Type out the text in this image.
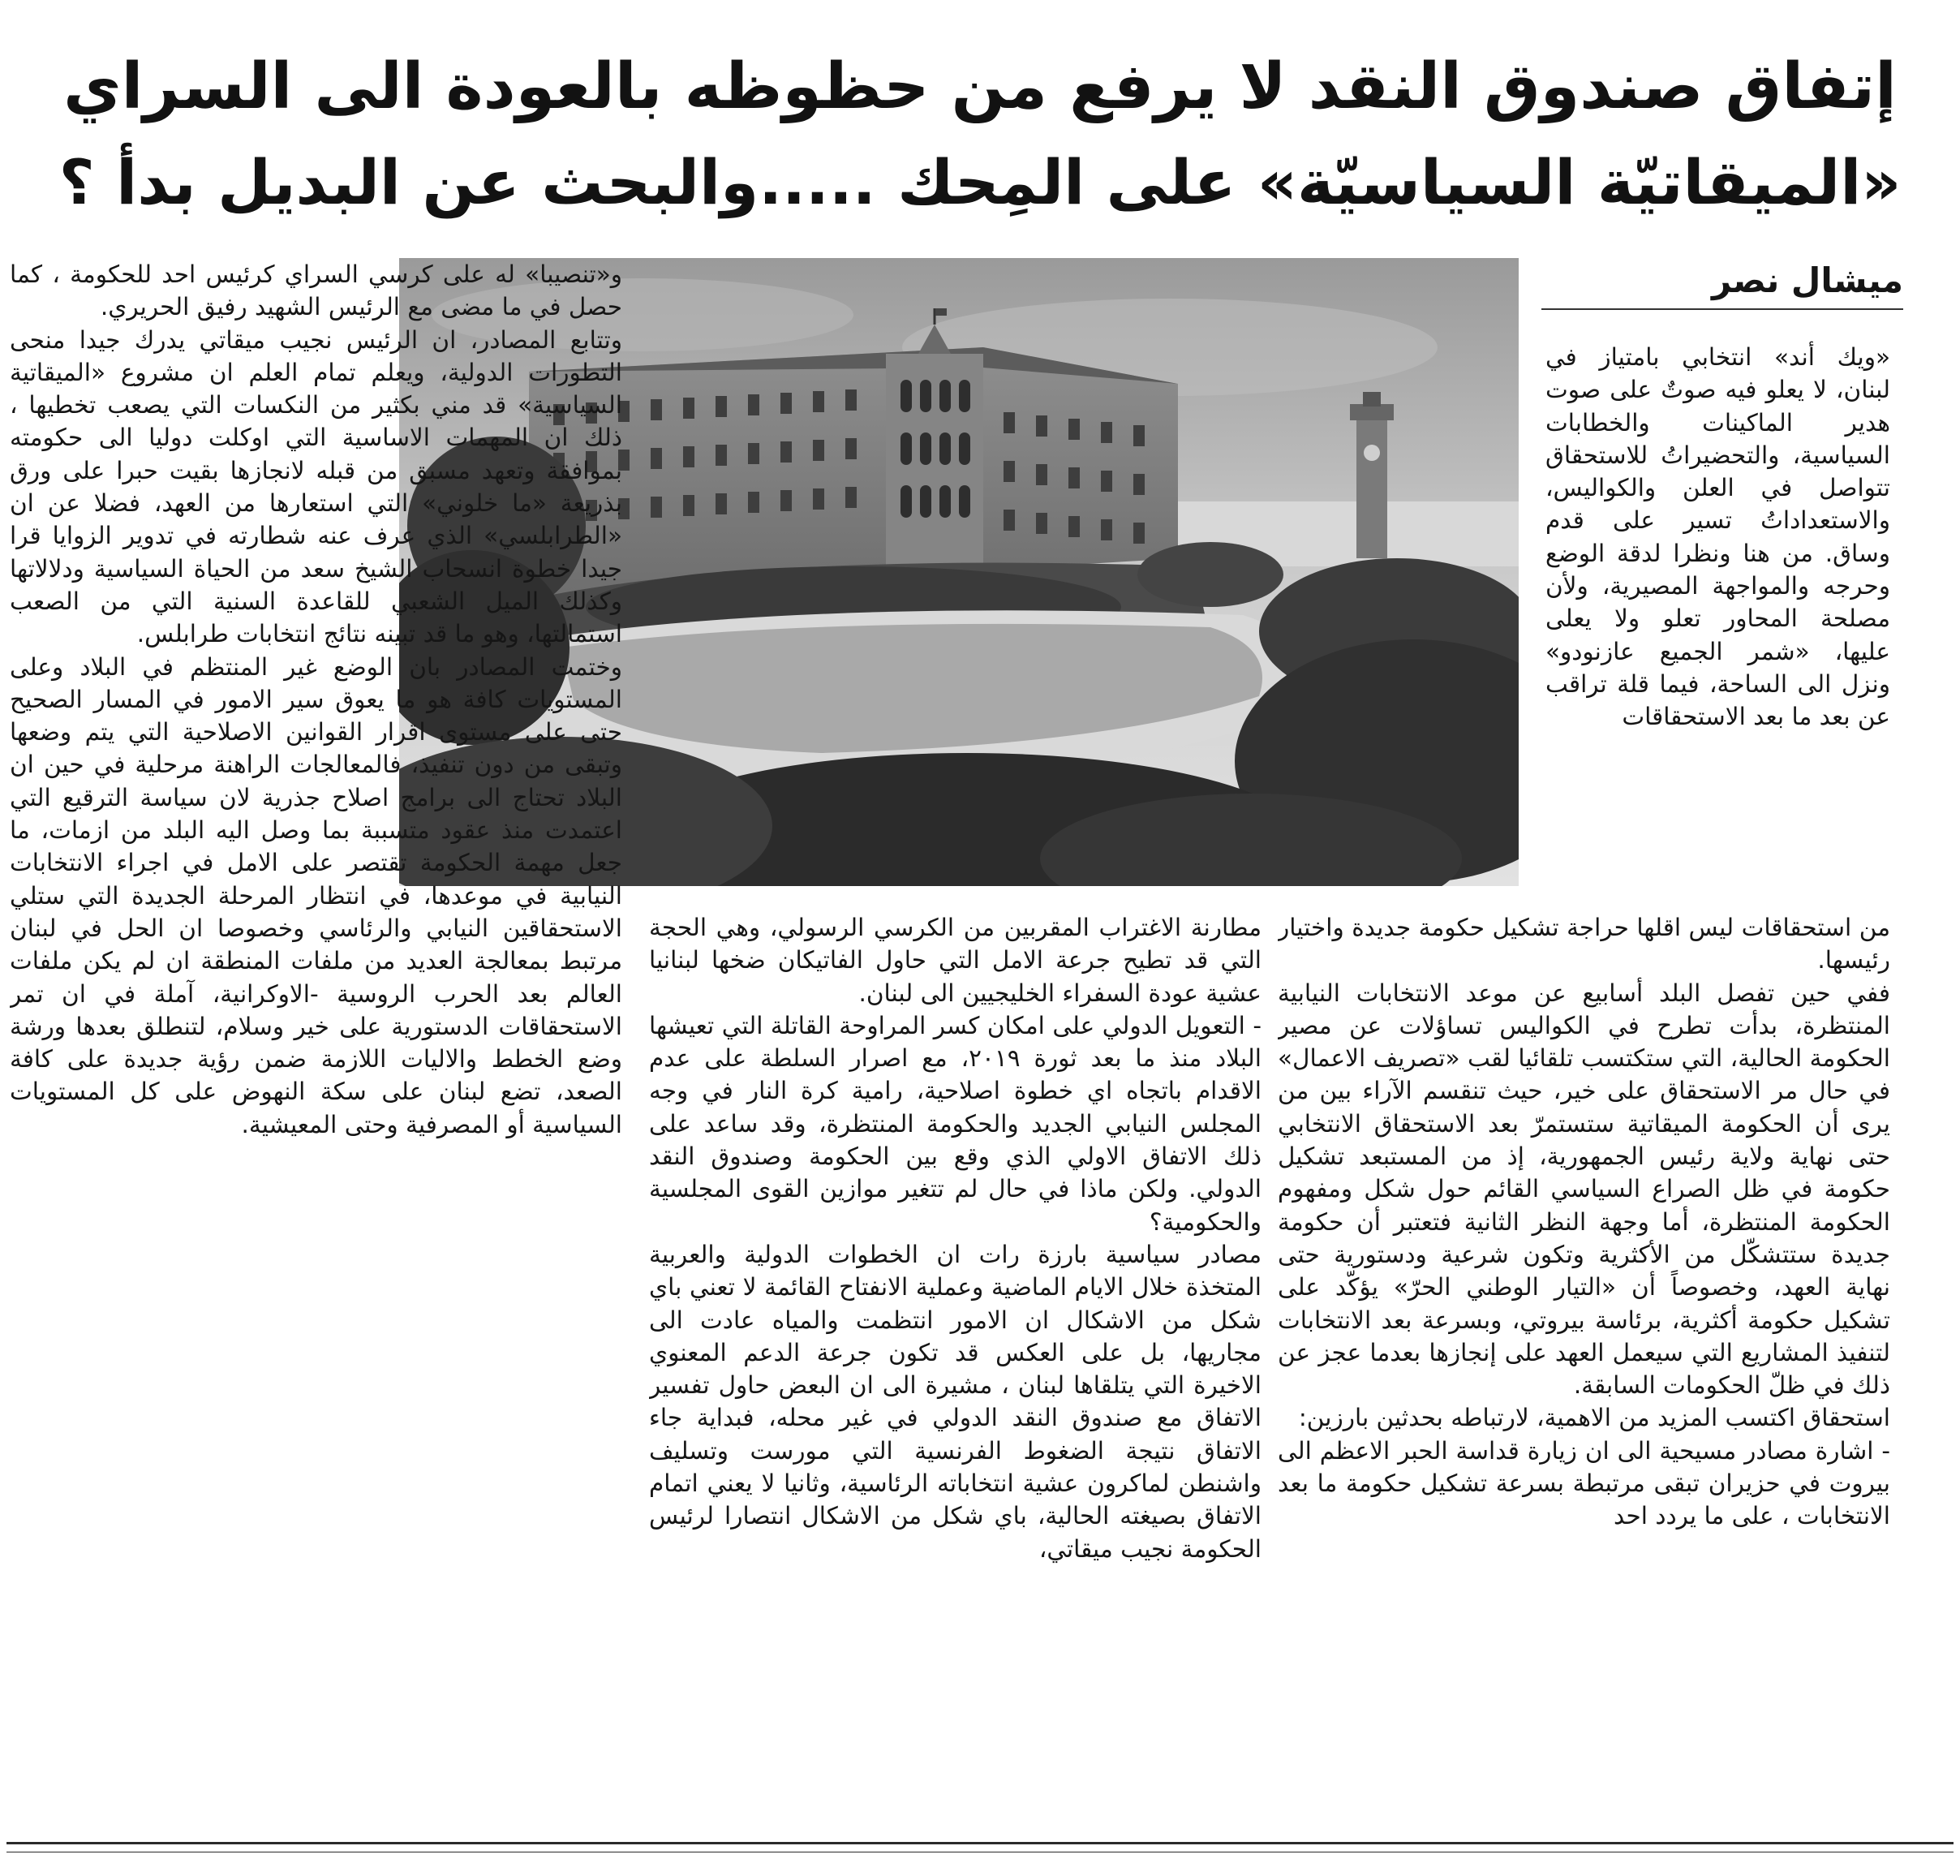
إتفاق صندوق النقد لا يرفع من حظوظه بالعودة الى السراي
«الميقاتيّة السياسيّة» على المِحك .....والبحث عن البديل بدأ ؟
ميشال نصر

«ويك أند» انتخابي بامتياز في لبنان، لا يعلو فيه صوتٌ على صوت هدير الماكينات والخطابات السياسية، والتحضيراتُ للاستحقاق تتواصل في العلن والكواليس، والاستعداداتُ تسير على قدم وساق. من هنا ونظرا لدقة الوضع وحرجه والمواجهة المصيرية، ولأن مصلحة المحاور تعلو ولا يعلى عليها، «شمر الجميع عازنودو» ونزل الى الساحة، فيما قلة تراقب عن بعد ما بعد الاستحقاقات

من استحقاقات ليس اقلها حراجة تشكيل حكومة جديدة واختيار رئيسها.

ففي حين تفصل البلد أسابيع عن موعد الانتخابات النيابية المنتظرة، بدأت تطرح في الكواليس تساؤلات عن مصير الحكومة الحالية، التي ستكتسب تلقائيا لقب «تصريف الاعمال» في حال مر الاستحقاق على خير، حيث تنقسم الآراء بين من يرى أن الحكومة الميقاتية ستستمرّ بعد الاستحقاق الانتخابي حتى نهاية ولاية رئيس الجمهورية، إذ من المستبعد تشكيل حكومة في ظل الصراع السياسي القائم حول شكل ومفهوم الحكومة المنتظرة، أما وجهة النظر الثانية فتعتبر أن حكومة جديدة ستتشكّل من الأكثرية وتكون شرعية ودستورية حتى نهاية العهد، وخصوصاً أن «التيار الوطني الحرّ» يؤكّد على تشكيل حكومة أكثرية، برئاسة بيروتي، وبسرعة بعد الانتخابات لتنفيذ المشاريع التي سيعمل العهد على إنجازها بعدما عجز عن ذلك في ظلّ الحكومات السابقة.

استحقاق اكتسب المزيد من الاهمية، لارتباطه بحدثين بارزين:

- اشارة مصادر مسيحية الى ان زيارة قداسة الحبر الاعظم الى بيروت في حزيران تبقى مرتبطة بسرعة تشكيل حكومة ما بعد الانتخابات ، على ما يردد احد

مطارنة الاغتراب المقربين من الكرسي الرسولي، وهي الحجة التي قد تطيح جرعة الامل التي حاول الفاتيكان ضخها لبنانيا عشية عودة السفراء الخليجيين الى لبنان.

- التعويل الدولي على امكان كسر المراوحة القاتلة التي تعيشها البلاد منذ ما بعد ثورة ٢٠١٩، مع اصرار السلطة على عدم الاقدام باتجاه اي خطوة اصلاحية، رامية كرة النار في وجه المجلس النيابي الجديد والحكومة المنتظرة، وقد ساعد على ذلك الاتفاق الاولي الذي وقع بين الحكومة وصندوق النقد الدولي. ولكن ماذا في حال لم تتغير موازين القوى المجلسية والحكومية؟

مصادر سياسية بارزة رات ان الخطوات الدولية والعربية المتخذة خلال الايام الماضية وعملية الانفتاح القائمة لا تعني باي شكل من الاشكال ان الامور انتظمت والمياه عادت الى مجاريها، بل على العكس قد تكون جرعة الدعم المعنوي الاخيرة التي يتلقاها لبنان ، مشيرة الى ان البعض حاول تفسير الاتفاق مع صندوق النقد الدولي في غير محله، فبداية جاء الاتفاق نتيجة الضغوط الفرنسية التي مورست وتسليف واشنطن لماكرون عشية انتخاباته الرئاسية، وثانيا لا يعني اتمام الاتفاق بصيغته الحالية، باي شكل من الاشكال انتصارا لرئيس الحكومة نجيب ميقاتي،

و«تنصيبا» له على كرسي السراي كرئيس احد للحكومة ، كما حصل في ما مضى مع الرئيس الشهيد رفيق الحريري.

وتتابع المصادر، ان الرئيس نجيب ميقاتي يدرك جيدا منحى التطورات الدولية، ويعلم تمام العلم ان مشروع «الميقاتية السياسية» قد مني بكثير من النكسات التي يصعب تخطيها ، ذلك ان المهمات الاساسية التي اوكلت دوليا الى حكومته بموافقة وتعهد مسبق من قبله لانجازها بقيت حبرا على ورق بذريعة «ما خلوني» التي استعارها من العهد، فضلا عن ان «الطرابلسي» الذي عرف عنه شطارته في تدوير الزوايا قرا جيدا خطوة انسحاب الشيخ سعد من الحياة السياسية ودلالاتها وكذلك الميل الشعبي للقاعدة السنية التي من الصعب استمالتها، وهو ما قد تبينه نتائج انتخابات طرابلس.

وختمت المصادر بان الوضع غير المنتظم في البلاد وعلى المستويات كافة هو ما يعوق سير الامور في المسار الصحيح حتى على مستوى اقرار القوانين الاصلاحية التي يتم وضعها وتبقى من دون تنفيذ، فالمعالجات الراهنة مرحلية في حين ان البلاد تحتاج الى برامج اصلاح جذرية لان سياسة الترقيع التي اعتمدت منذ عقود متسببة بما وصل اليه البلد من ازمات، ما جعل مهمة الحكومة تقتصر على الامل في اجراء الانتخابات النيابية في موعدها، في انتظار المرحلة الجديدة التي ستلي الاستحقاقين النيابي والرئاسي وخصوصا ان الحل في لبنان مرتبط بمعالجة العديد من ملفات المنطقة ان لم يكن ملفات العالم بعد الحرب الروسية -الاوكرانية، آملة في ان تمر الاستحقاقات الدستورية على خير وسلام، لتنطلق بعدها ورشة وضع الخطط والاليات اللازمة ضمن رؤية جديدة على كافة الصعد، تضع لبنان على سكة النهوض على كل المستويات السياسية أو المصرفية وحتى المعيشية.
